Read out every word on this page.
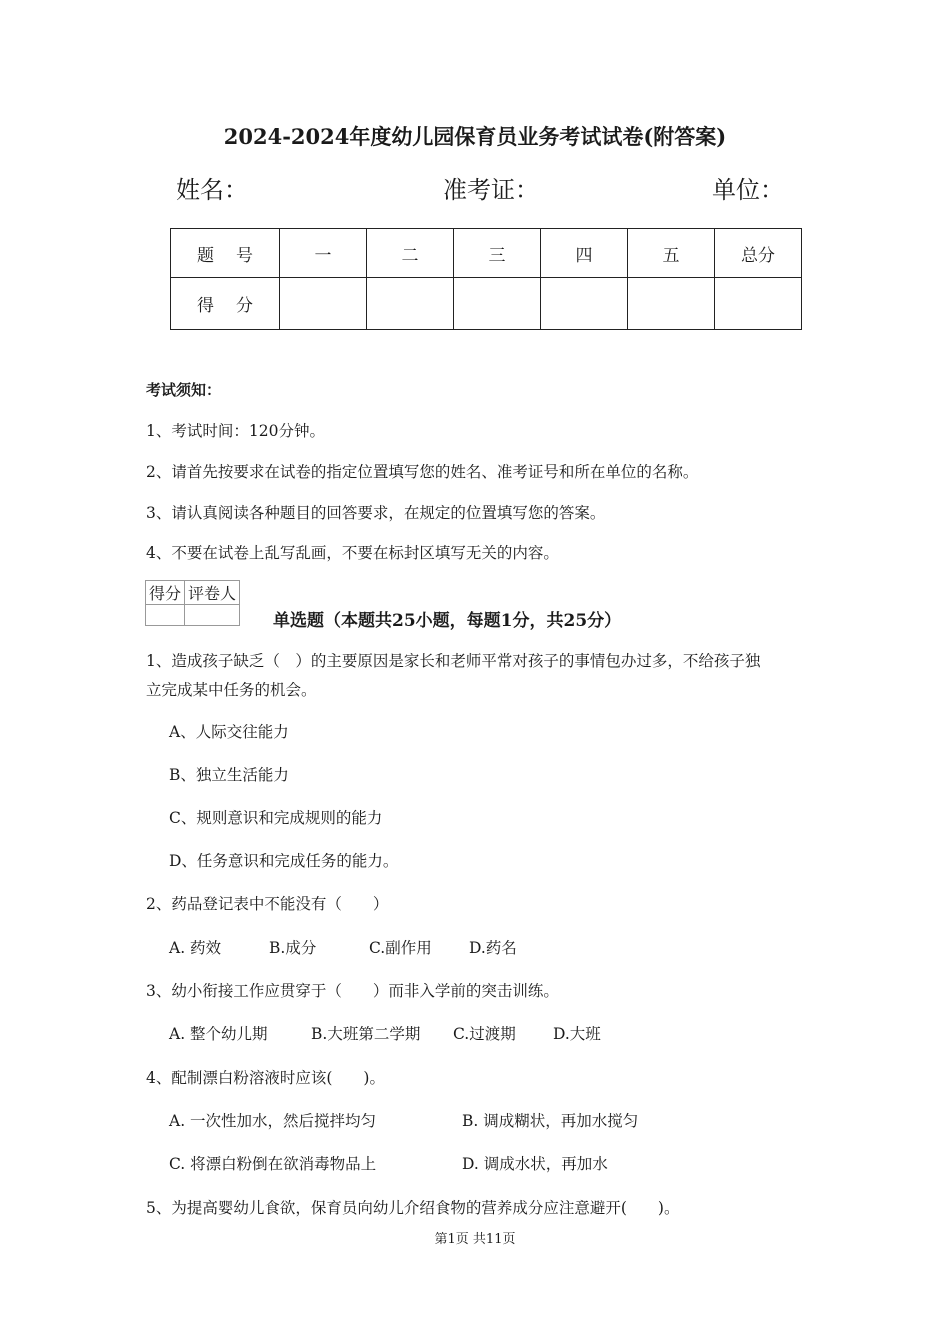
2024-2024年度幼儿园保育员业务考试试卷(附答案)
姓名：	准考证：	单位：
题号	一	二	三	四	五	总分
得分						
考试须知：
1、考试时间：120分钟。
2、请首先按要求在试卷的指定位置填写您的姓名、准考证号和所在单位的名称。
3、请认真阅读各种题目的回答要求，在规定的位置填写您的答案。
4、不要在试卷上乱写乱画，不要在标封区填写无关的内容。
得分	评卷人

单选题（本题共25小题，每题1分，共25分）
1、造成孩子缺乏（　）的主要原因是家长和老师平常对孩子的事情包办过多，不给孩子独
立完成某中任务的机会。
A、人际交往能力
B、独立生活能力
C、规则意识和完成规则的能力
D、任务意识和完成任务的能力。
2、药品登记表中不能没有（　　）
A. 药效	B.成分	C.副作用 D.药名
3、幼小衔接工作应贯穿于（　　）而非入学前的突击训练。
A. 整个幼儿期	B.大班第二学期 C.过渡期 D.大班
4、配制漂白粉溶液时应该(　　)。
A. 一次性加水，然后搅拌均匀	B. 调成糊状，再加水搅匀
C. 将漂白粉倒在欲消毒物品上	D. 调成水状，再加水
5、为提高婴幼儿食欲，保育员向幼儿介绍食物的营养成分应注意避开(　　)。
第1页 共11页
